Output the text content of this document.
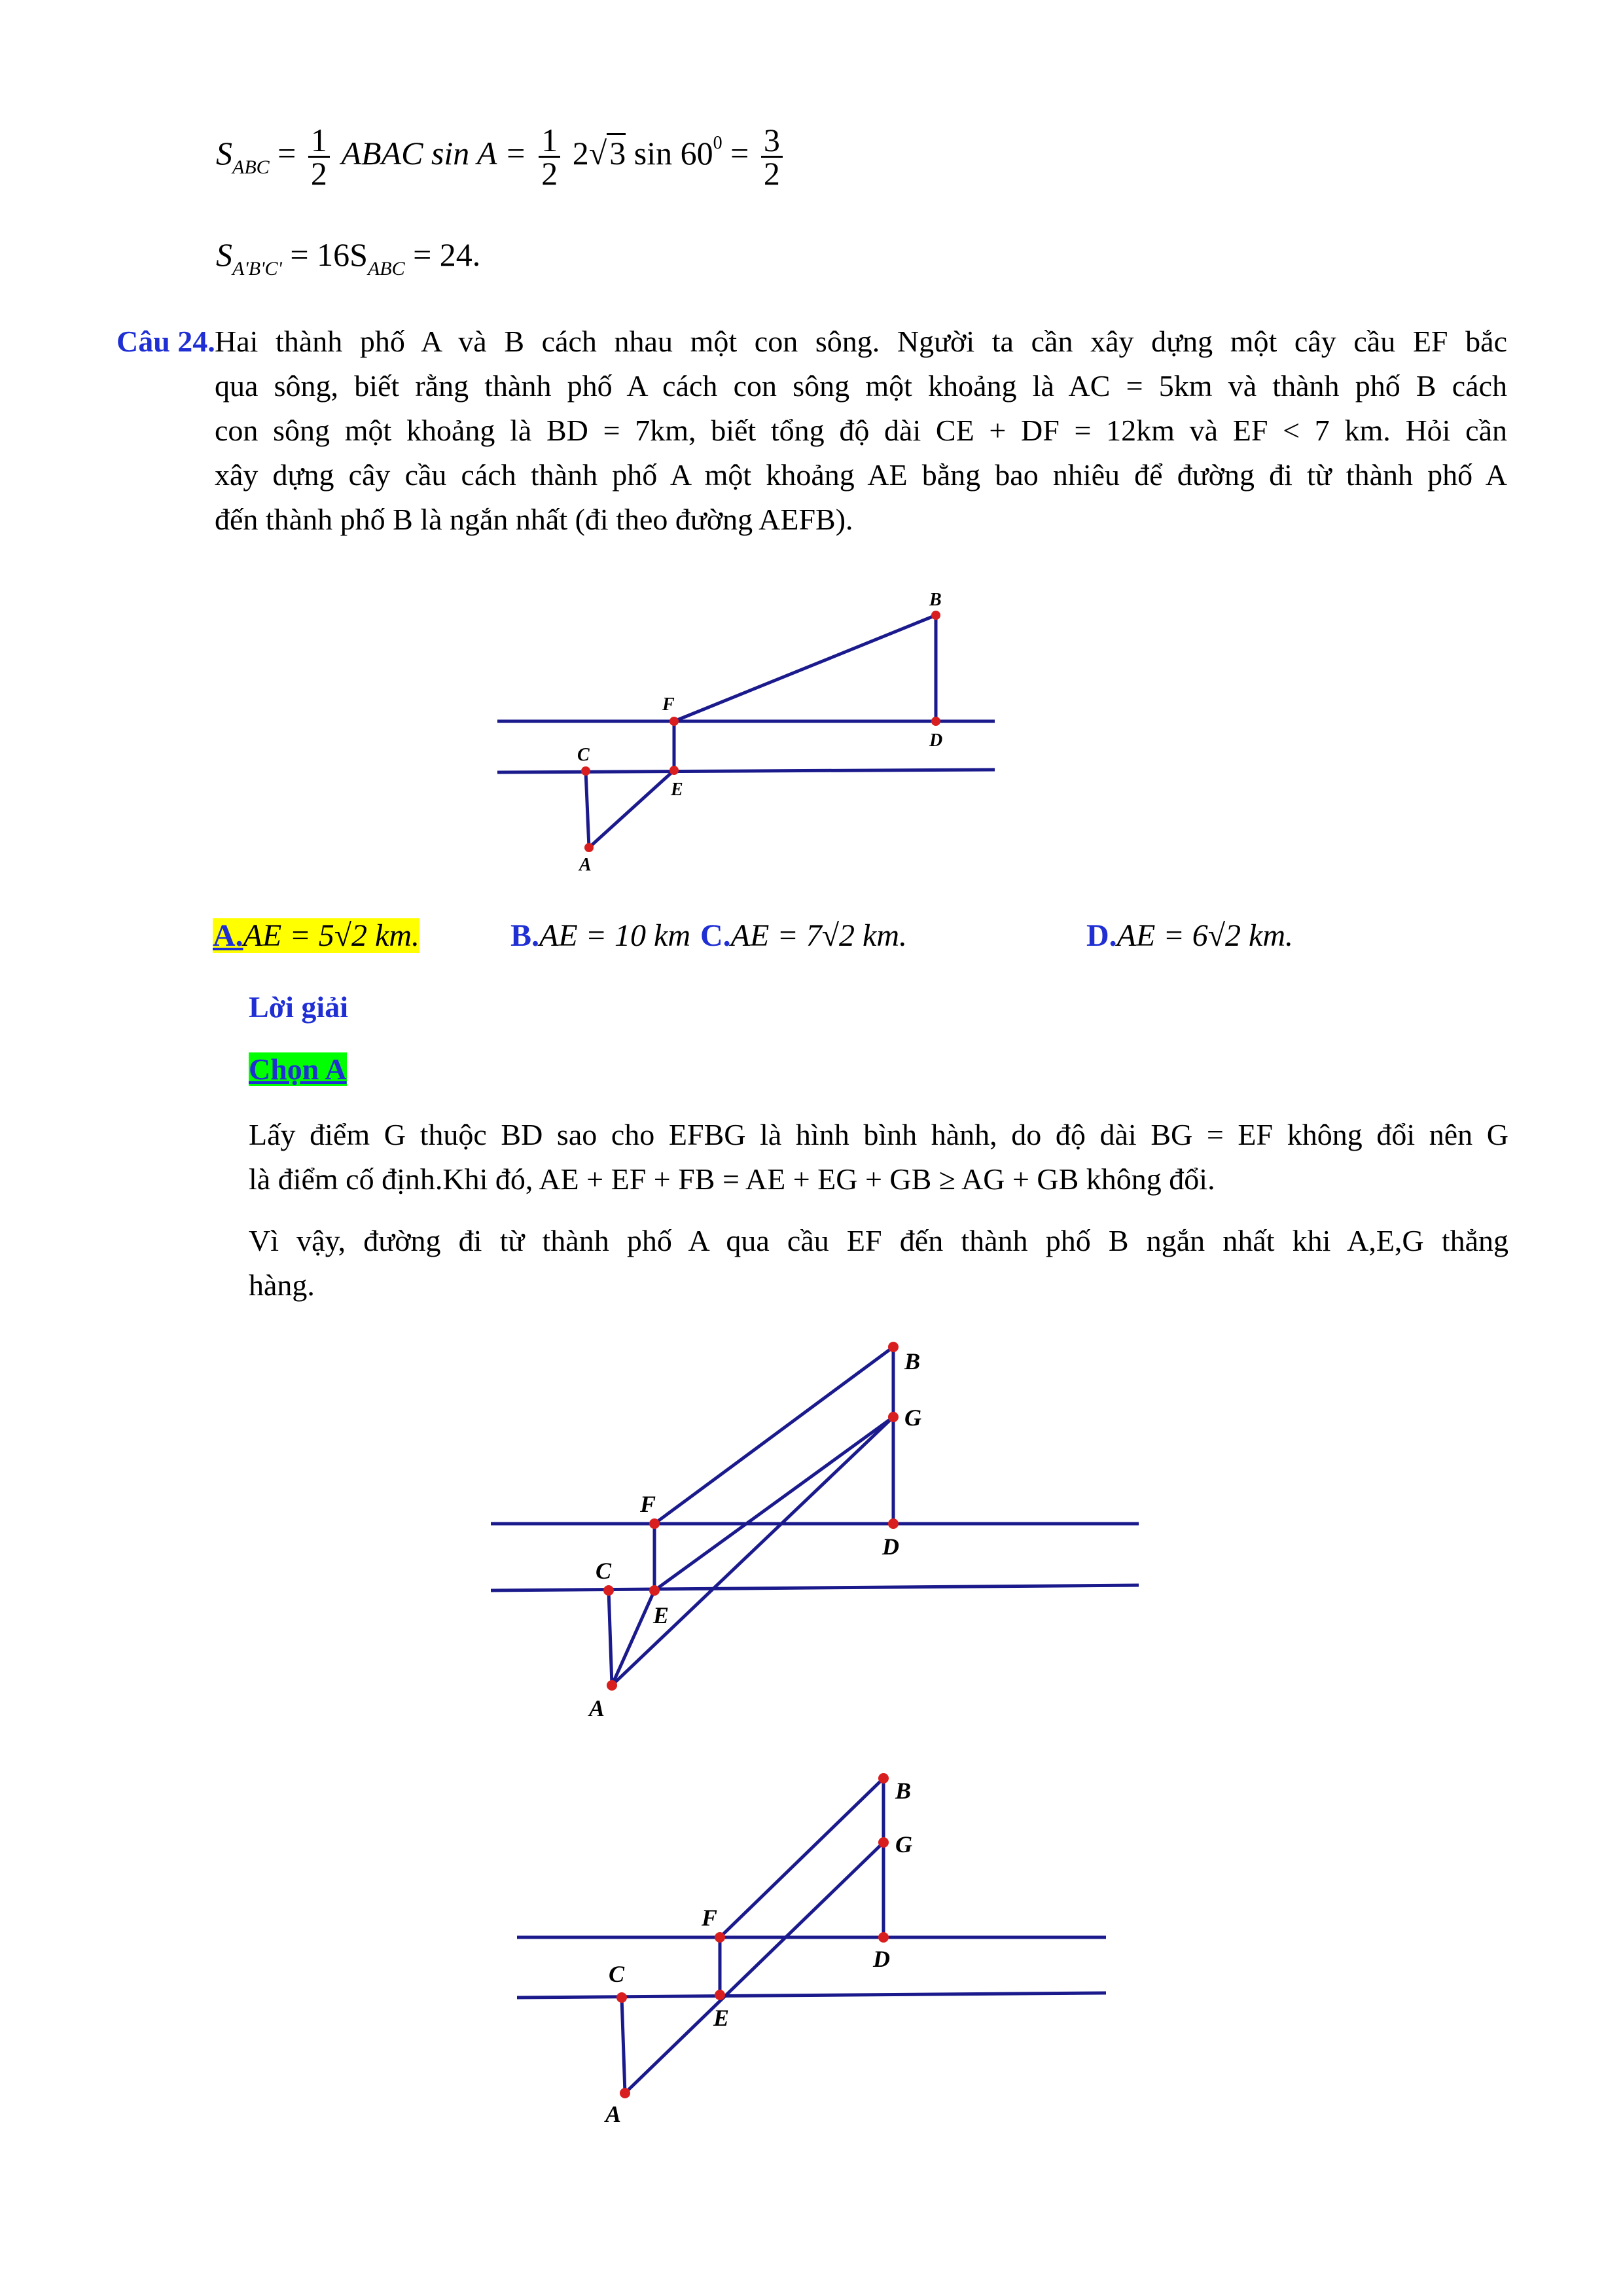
$S_{ABC} = \frac{1}{2}$ ABAC $\sin A = \frac{1}{2} 2√3$ $\sin 60^0 = \frac{3}{2}$
$S_{A'B'C'} = 16S_{ABC} = 24$.
Câu 24. Hai thành phố A và B cách nhau một con sông. Người ta cần xây dựng một cây cầu EF bắc
qua sông, biết rằng thành phố A cách con sông một khoảng là AC = 5km và thành phố B cách
con sông một khoảng là BD = 7km, biết tổng độ dài CE + DF = 12km và EF < 7 km. Hỏi cần
xây dựng cây cầu cách thành phố A một khoảng AE bằng bao nhiêu để đường đi từ thành phố A
đến thành phố B là ngắn nhất (đi theo đường AEFB).
B
F
D
C
E
A
A.AE = 5√2 km.	B.AE = 10 km C.AE = 7√2 km.	D.AE = 6√2 km.
Lời giải
Chọn A
Lấy điểm G thuộc BD sao cho EFBG là hình bình hành, do độ dài BG = EF không đổi nên G
là điểm cố định.Khi đó, AE + EF + FB = AE + EG + GB ≥ AG + GB không đổi.
Vì vậy, đường đi từ thành phố A qua cầu EF đến thành phố B ngắn nhất khi A,E,G thẳng
hàng.
B
G
F
D
C
E
A
B
G
F
D
C
E
A
